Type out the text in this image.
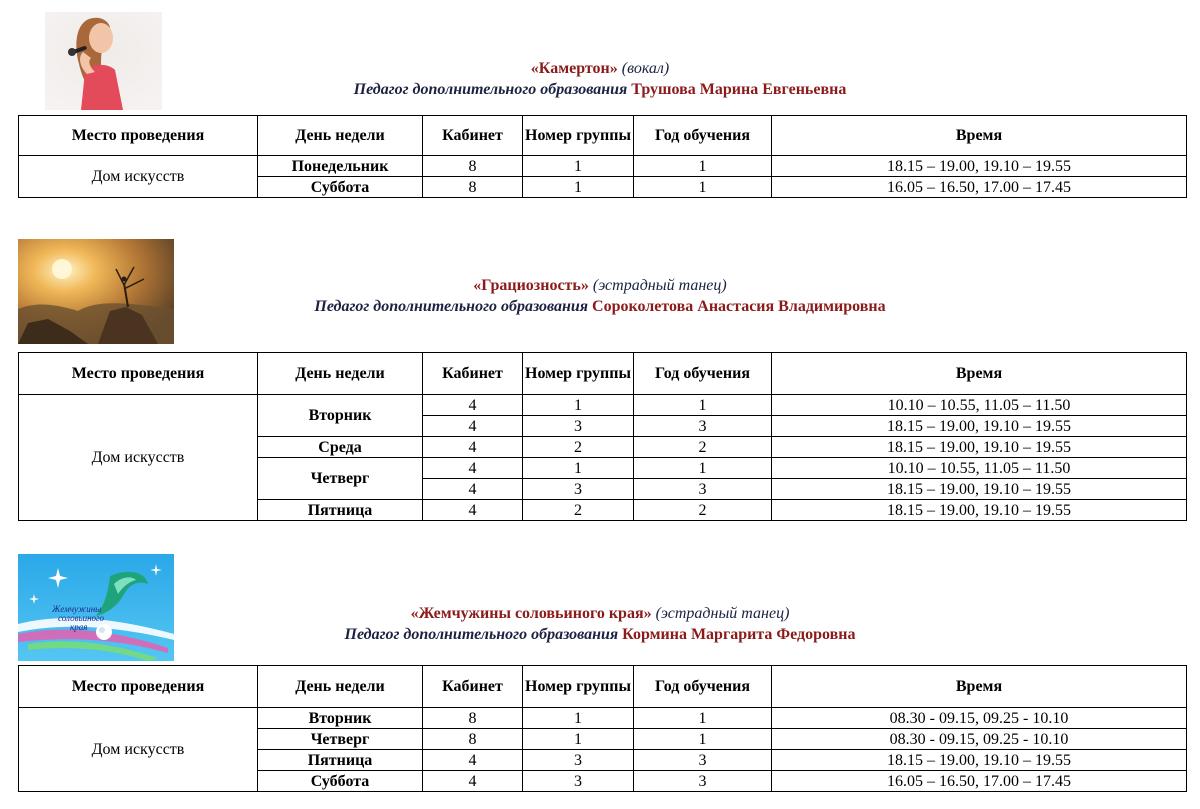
«Камертон» (вокал)
Педагог дополнительного образования Трушова Марина Евгеньевна
Место проведения	День недели	Кабинет	Номер группы	Год обучения	Время
Дом искусств	Понедельник	8	1	1	18.15 – 19.00, 19.10 – 19.55
	Суббота	8	1	1	16.05 – 16.50, 17.00 – 17.45
«Грациозность» (эстрадный танец)
Педагог дополнительного образования Сороколетова Анастасия Владимировна
Место проведения	День недели	Кабинет	Номер группы	Год обучения	Время
Дом искусств	Вторник	4	1	1	10.10 – 10.55, 11.05 – 11.50
		4	3	3	18.15 – 19.00, 19.10 – 19.55
	Среда	4	2	2	18.15 – 19.00, 19.10 – 19.55
	Четверг	4	1	1	10.10 – 10.55, 11.05 – 11.50
		4	3	3	18.15 – 19.00, 19.10 – 19.55
	Пятница	4	2	2	18.15 – 19.00, 19.10 – 19.55
Жемчужины
соловьиного
края
«Жемчужины соловьиного края» (эстрадный танец)
Педагог дополнительного образования Кормина Маргарита Федоровна
Место проведения	День недели	Кабинет	Номер группы	Год обучения	Время
Дом искусств	Вторник	8	1	1	08.30 - 09.15, 09.25 - 10.10
	Четверг	8	1	1	08.30 - 09.15, 09.25 - 10.10
	Пятница	4	3	3	18.15 – 19.00, 19.10 – 19.55
	Суббота	4	3	3	16.05 – 16.50, 17.00 – 17.45
